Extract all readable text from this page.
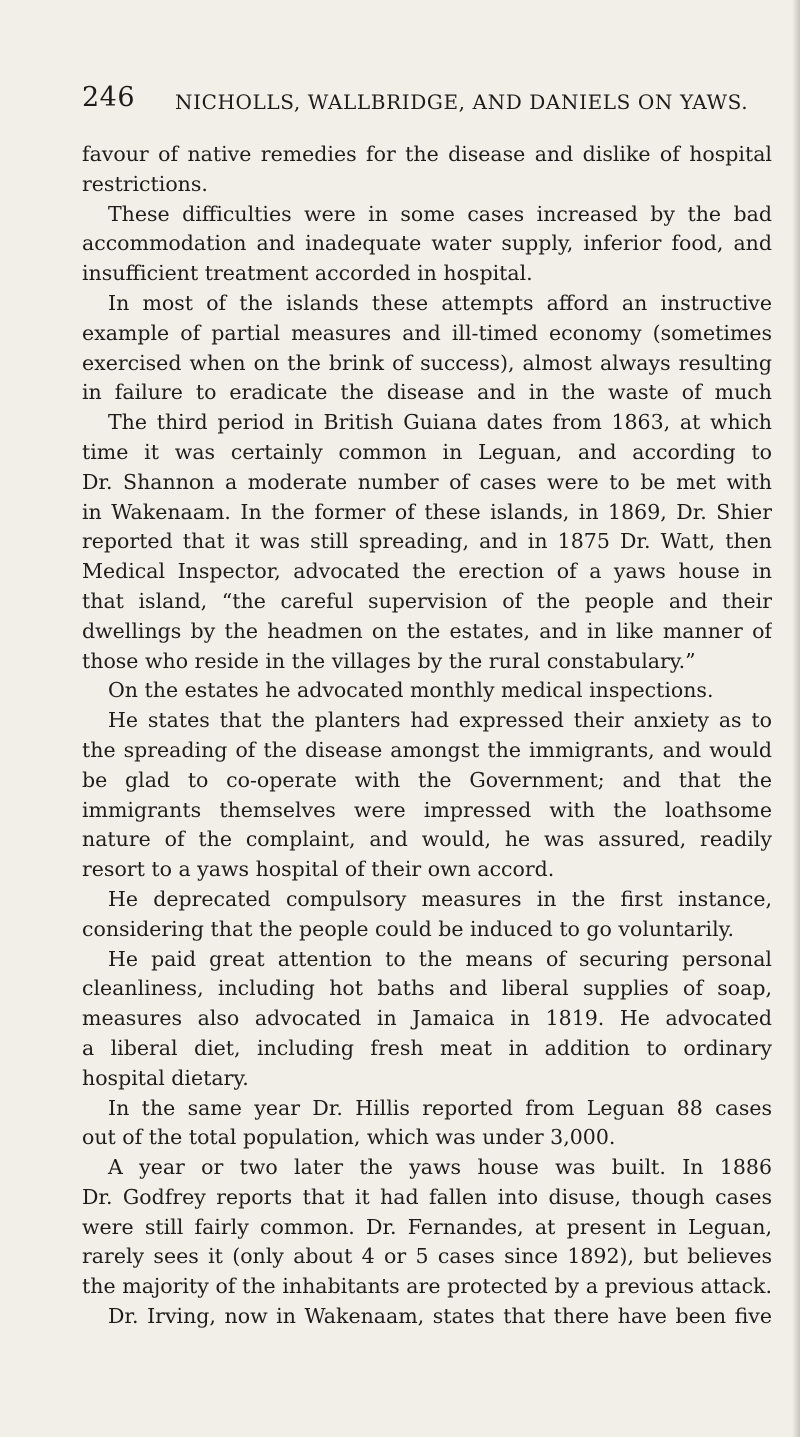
246 NICHOLLS, WALLBRIDGE, AND DANIELS ON YAWS.
favour of native remedies for the disease and dislike of hospital
restrictions.
These difficulties were in some cases increased by the bad
accommodation and inadequate water supply, inferior food, and
insufficient treatment accorded in hospital.
In most of the islands these attempts afford an instructive
example of partial measures and ill-timed economy (sometimes
exercised when on the brink of success), almost always resulting
in failure to eradicate the disease and in the waste of much
The third period in British Guiana dates from 1863, at which
time it was certainly common in Leguan, and according to
Dr. Shannon a moderate number of cases were to be met with
in Wakenaam. In the former of these islands, in 1869, Dr. Shier
reported that it was still spreading, and in 1875 Dr. Watt, then
Medical Inspector, advocated the erection of a yaws house in
that island, “the careful supervision of the people and their
dwellings by the headmen on the estates, and in like manner of
those who reside in the villages by the rural constabulary.”
On the estates he advocated monthly medical inspections.
He states that the planters had expressed their anxiety as to
the spreading of the disease amongst the immigrants, and would
be glad to co-operate with the Government; and that the
immigrants themselves were impressed with the loathsome
nature of the complaint, and would, he was assured, readily
resort to a yaws hospital of their own accord.
He deprecated compulsory measures in the first instance,
considering that the people could be induced to go voluntarily.
He paid great attention to the means of securing personal
cleanliness, including hot baths and liberal supplies of soap,
measures also advocated in Jamaica in 1819. He advocated
a liberal diet, including fresh meat in addition to ordinary
hospital dietary.
In the same year Dr. Hillis reported from Leguan 88 cases
out of the total population, which was under 3,000.
A year or two later the yaws house was built. In 1886
Dr. Godfrey reports that it had fallen into disuse, though cases
were still fairly common. Dr. Fernandes, at present in Leguan,
rarely sees it (only about 4 or 5 cases since 1892), but believes
the majority of the inhabitants are protected by a previous attack.
Dr. Irving, now in Wakenaam, states that there have been five
